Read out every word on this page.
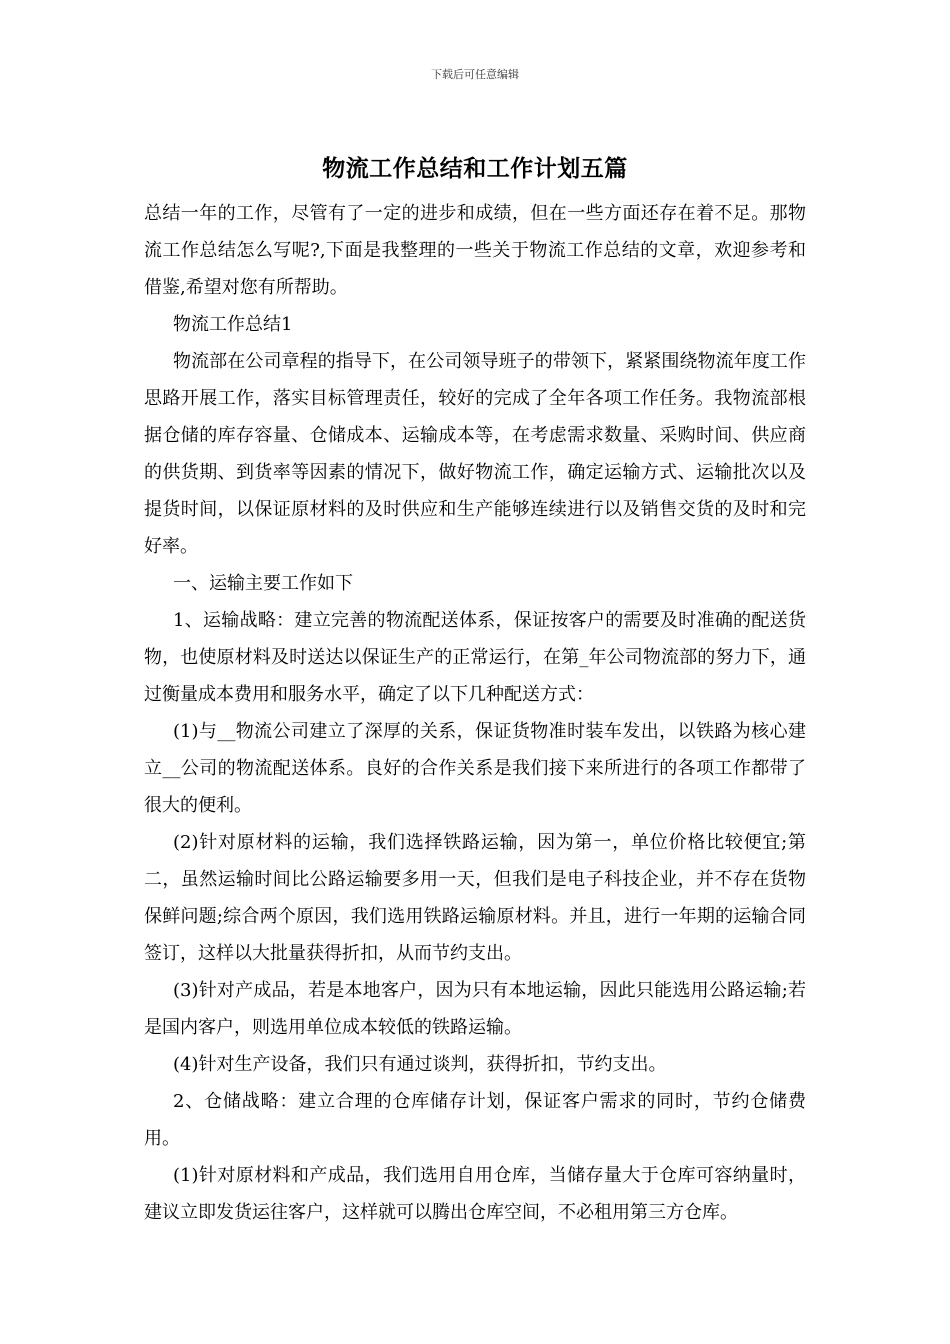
下载后可任意编辑
物流工作总结和工作计划五篇

总结一年的工作，尽管有了一定的进步和成绩，但在一些方面还存在着不足。那物流工作总结怎么写呢?,下面是我整理的一些关于物流工作总结的文章，欢迎参考和借鉴,希望对您有所帮助。

物流工作总结1

物流部在公司章程的指导下，在公司领导班子的带领下，紧紧围绕物流年度工作思路开展工作，落实目标管理责任，较好的完成了全年各项工作任务。我物流部根据仓储的库存容量、仓储成本、运输成本等，在考虑需求数量、采购时间、供应商的供货期、到货率等因素的情况下，做好物流工作，确定运输方式、运输批次以及提货时间，以保证原材料的及时供应和生产能够连续进行以及销售交货的及时和完好率。

一、运输主要工作如下

1、运输战略：建立完善的物流配送体系，保证按客户的需要及时准确的配送货物，也使原材料及时送达以保证生产的正常运行，在第_年公司物流部的努力下，通过衡量成本费用和服务水平，确定了以下几种配送方式：

(1)与__物流公司建立了深厚的关系，保证货物准时装车发出，以铁路为核心建立__公司的物流配送体系。良好的合作关系是我们接下来所进行的各项工作都带了很大的便利。

(2)针对原材料的运输，我们选择铁路运输，因为第一，单位价格比较便宜;第二，虽然运输时间比公路运输要多用一天，但我们是电子科技企业，并不存在货物保鲜问题;综合两个原因，我们选用铁路运输原材料。并且，进行一年期的运输合同签订，这样以大批量获得折扣，从而节约支出。

(3)针对产成品，若是本地客户，因为只有本地运输，因此只能选用公路运输;若是国内客户，则选用单位成本较低的铁路运输。

(4)针对生产设备，我们只有通过谈判，获得折扣，节约支出。

2、仓储战略：建立合理的仓库储存计划，保证客户需求的同时，节约仓储费用。

(1)针对原材料和产成品，我们选用自用仓库，当储存量大于仓库可容纳量时，建议立即发货运往客户，这样就可以腾出仓库空间，不必租用第三方仓库。
